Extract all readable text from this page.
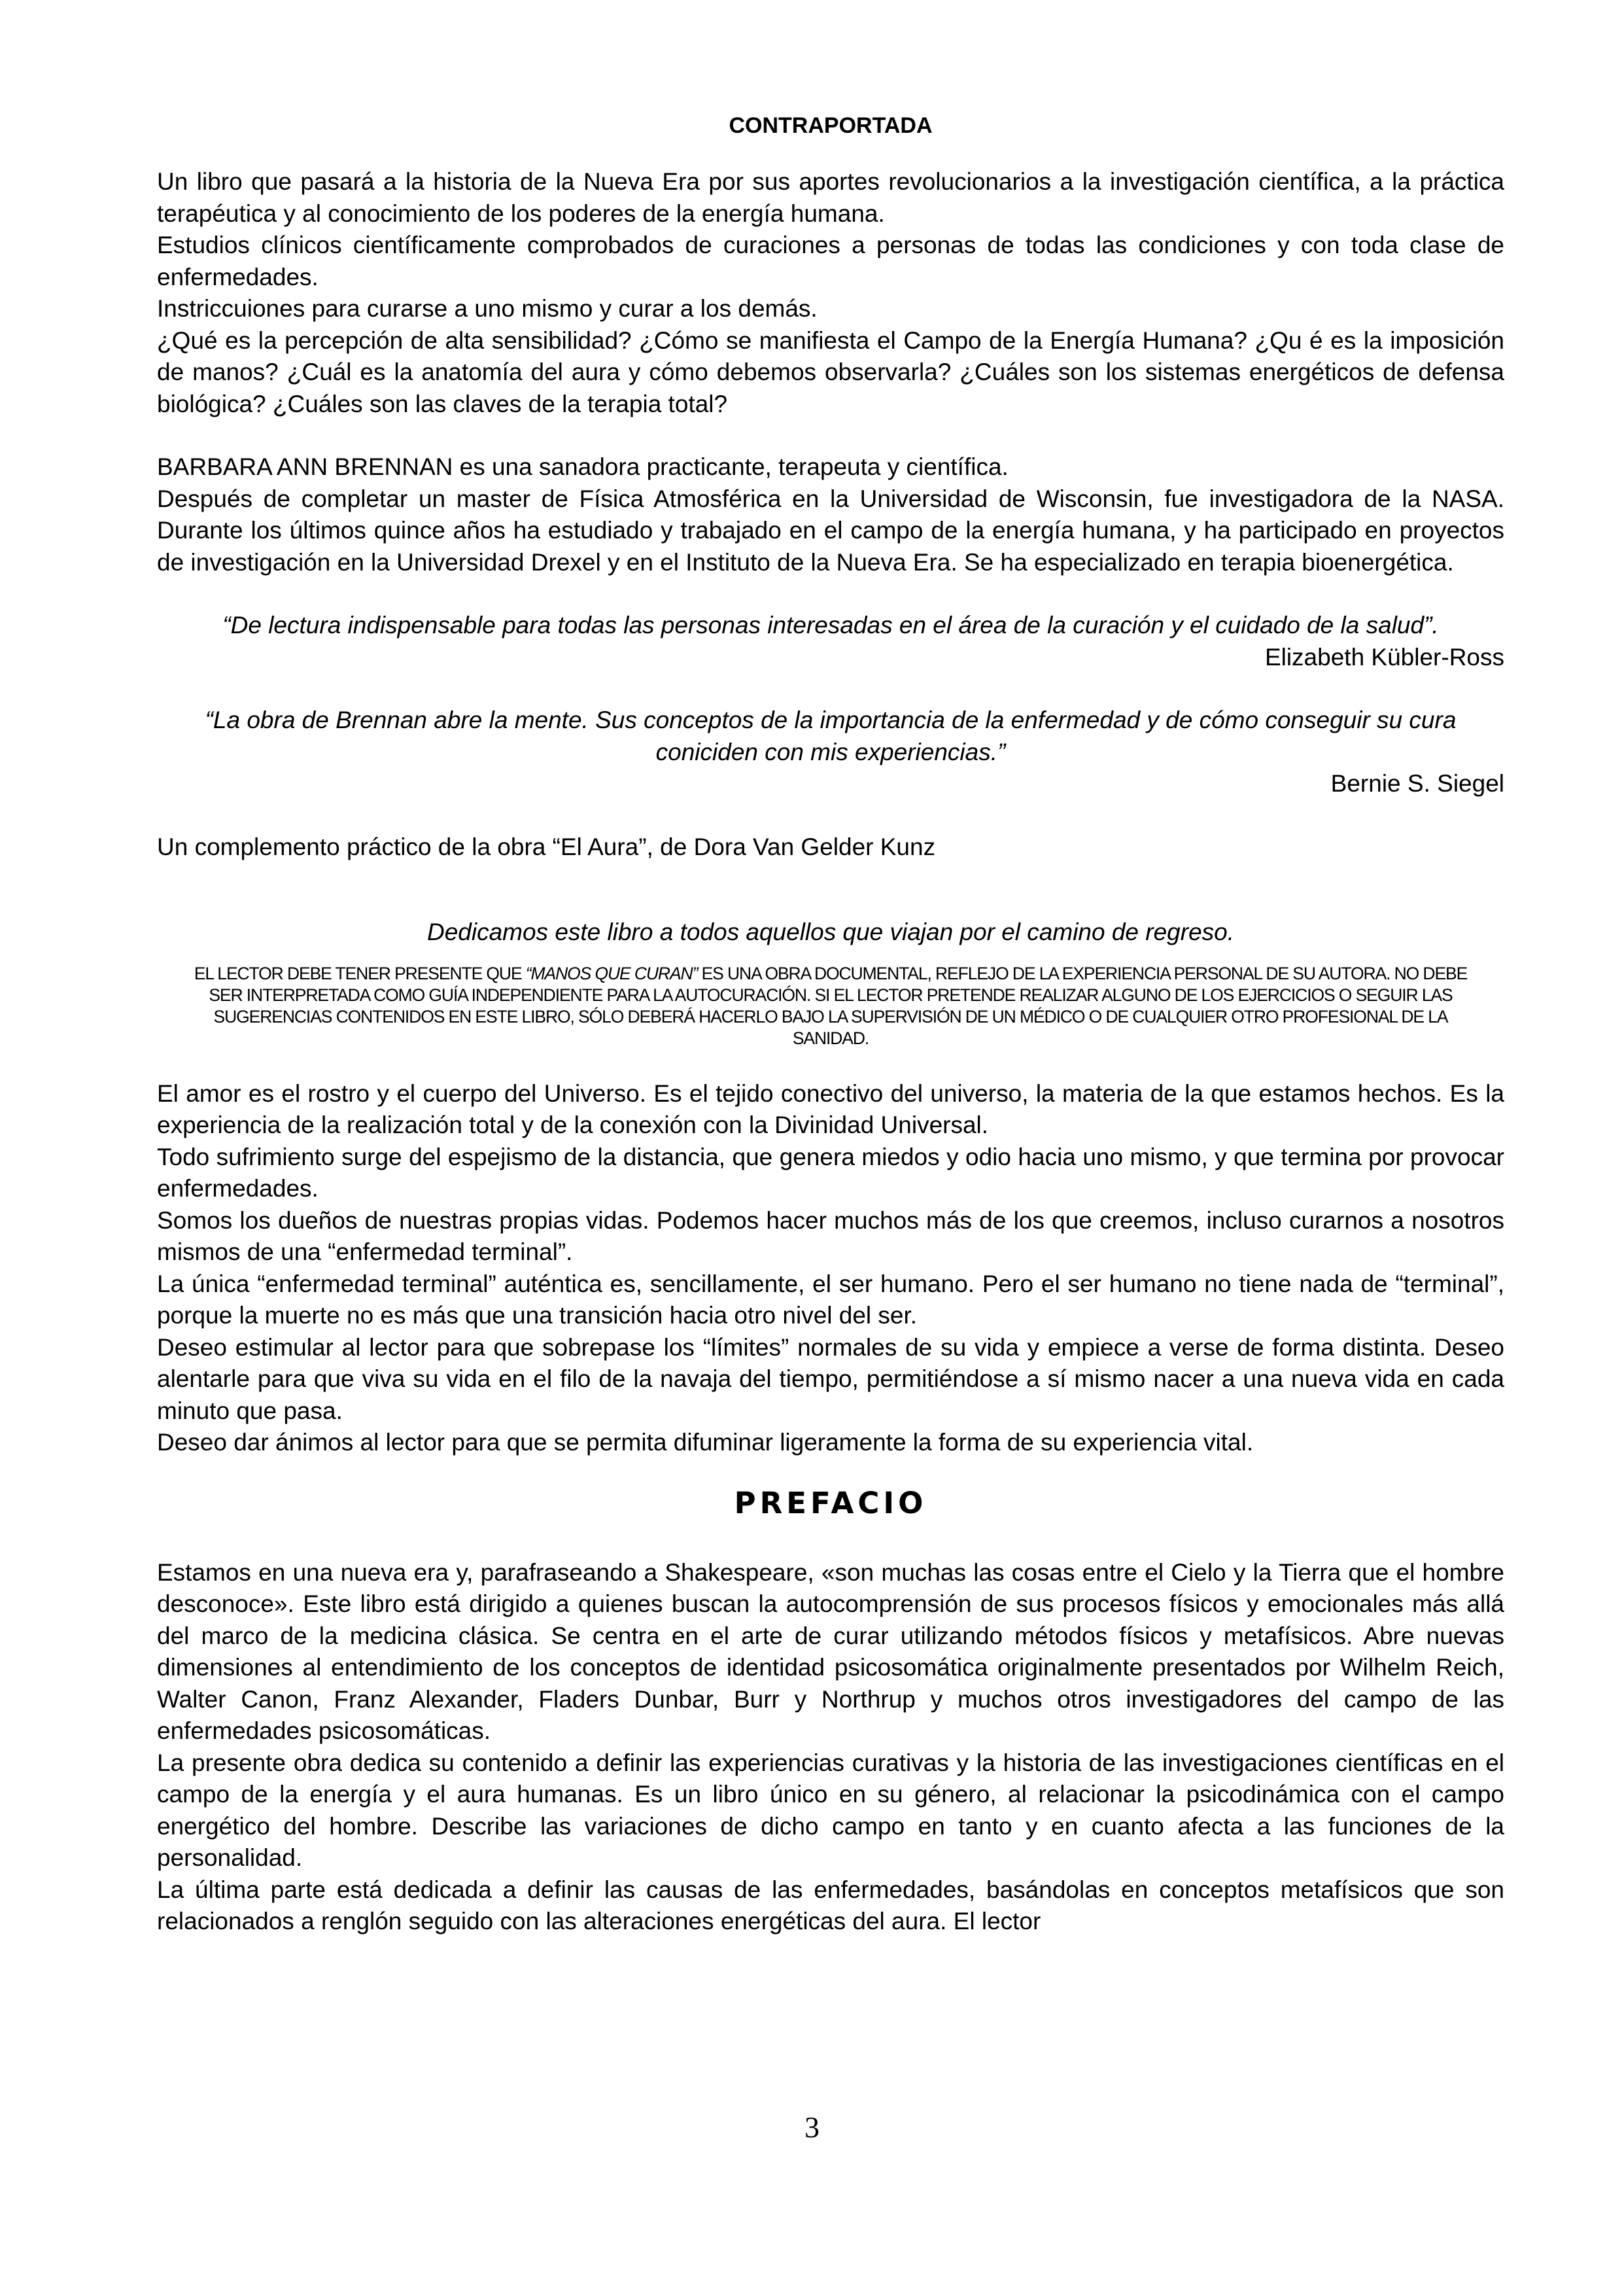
CONTRAPORTADA

Un libro que pasará a la historia de la Nueva Era por sus aportes revolucionarios a la investigación científica, a la práctica terapéutica y al conocimiento de los poderes de la energía humana.

Estudios clínicos científicamente comprobados de curaciones a personas de todas las condiciones y con toda clase de enfermedades.

Instriccuiones para curarse a uno mismo y curar a los demás.

¿Qué es la percepción de alta sensibilidad? ¿Cómo se manifiesta el Campo de la Energía Humana? ¿Qu é es la imposición de manos? ¿Cuál es la anatomía del aura y cómo debemos observarla? ¿Cuáles son los sistemas energéticos de defensa biológica? ¿Cuáles son las claves de la terapia total?

BARBARA ANN BRENNAN es una sanadora practicante, terapeuta y científica.

Después de completar un master de Física Atmosférica en la Universidad de Wisconsin, fue investigadora de la NASA. Durante los últimos quince años ha estudiado y trabajado en el campo de la energía humana, y ha participado en proyectos de investigación en la Universidad Drexel y en el Instituto de la Nueva Era. Se ha especializado en terapia bioenergética.

“De lectura indispensable para todas las personas interesadas en el área de la curación y el cuidado de la salud”.

Elizabeth Kübler-Ross

“La obra de Brennan abre la mente. Sus conceptos de la importancia de la enfermedad y de cómo conseguir su cura coniciden con mis experiencias.”

Bernie S. Siegel

Un complemento práctico de la obra “El Aura”, de Dora Van Gelder Kunz

Dedicamos este libro a todos aquellos que viajan por el camino de regreso.

EL LECTOR DEBE TENER PRESENTE QUE “MANOS QUE CURAN” ES UNA OBRA DOCUMENTAL, REFLEJO DE LA EXPERIENCIA PERSONAL DE SU AUTORA. NO DEBE SER INTERPRETADA COMO GUÍA INDEPENDIENTE PARA LA AUTOCURACIÓN. SI EL LECTOR PRETENDE REALIZAR ALGUNO DE LOS EJERCICIOS O SEGUIR LAS SUGERENCIAS CONTENIDOS EN ESTE LIBRO, SÓLO DEBERÁ HACERLO BAJO LA SUPERVISIÓN DE UN MÉDICO O DE CUALQUIER OTRO PROFESIONAL DE LA SANIDAD.

El amor es el rostro y el cuerpo del Universo. Es el tejido conectivo del universo, la materia de la que estamos hechos. Es la experiencia de la realización total y de la conexión con la Divinidad Universal.

Todo sufrimiento surge del espejismo de la distancia, que genera miedos y odio hacia uno mismo, y que termina por provocar enfermedades.

Somos los dueños de nuestras propias vidas. Podemos hacer muchos más de los que creemos, incluso curarnos a nosotros mismos de una “enfermedad terminal”.

La única “enfermedad terminal” auténtica es, sencillamente, el ser humano. Pero el ser humano no tiene nada de “terminal”, porque la muerte no es más que una transición hacia otro nivel del ser.

Deseo estimular al lector para que sobrepase los “límites” normales de su vida y empiece a verse de forma distinta. Deseo alentarle para que viva su vida en el filo de la navaja del tiempo, permitiéndose a sí mismo nacer a una nueva vida en cada minuto que pasa.

Deseo dar ánimos al lector para que se permita difuminar ligeramente la forma de su experiencia vital.

PREFACIO

Estamos en una nueva era y, parafraseando a Shakespeare, «son muchas las cosas entre el Cielo y la Tierra que el hombre desconoce». Este libro está dirigido a quienes buscan la autocomprensión de sus procesos físicos y emocionales más allá del marco de la medicina clásica. Se centra en el arte de curar utilizando métodos físicos y metafísicos. Abre nuevas dimensiones al entendimiento de los conceptos de identidad psicosomática originalmente presentados por Wilhelm Reich, Walter Canon, Franz Alexander, Fladers Dunbar, Burr y Northrup y muchos otros investigadores del campo de las enfermedades psicosomáticas.

La presente obra dedica su contenido a definir las experiencias curativas y la historia de las investigaciones científicas en el campo de la energía y el aura humanas. Es un libro único en su género, al relacionar la psicodinámica con el campo energético del hombre. Describe las variaciones de dicho campo en tanto y en cuanto afecta a las funciones de la personalidad.

La última parte está dedicada a definir las causas de las enfermedades, basándolas en conceptos metafísicos que son relacionados a renglón seguido con las alteraciones energéticas del aura. El lector

3
